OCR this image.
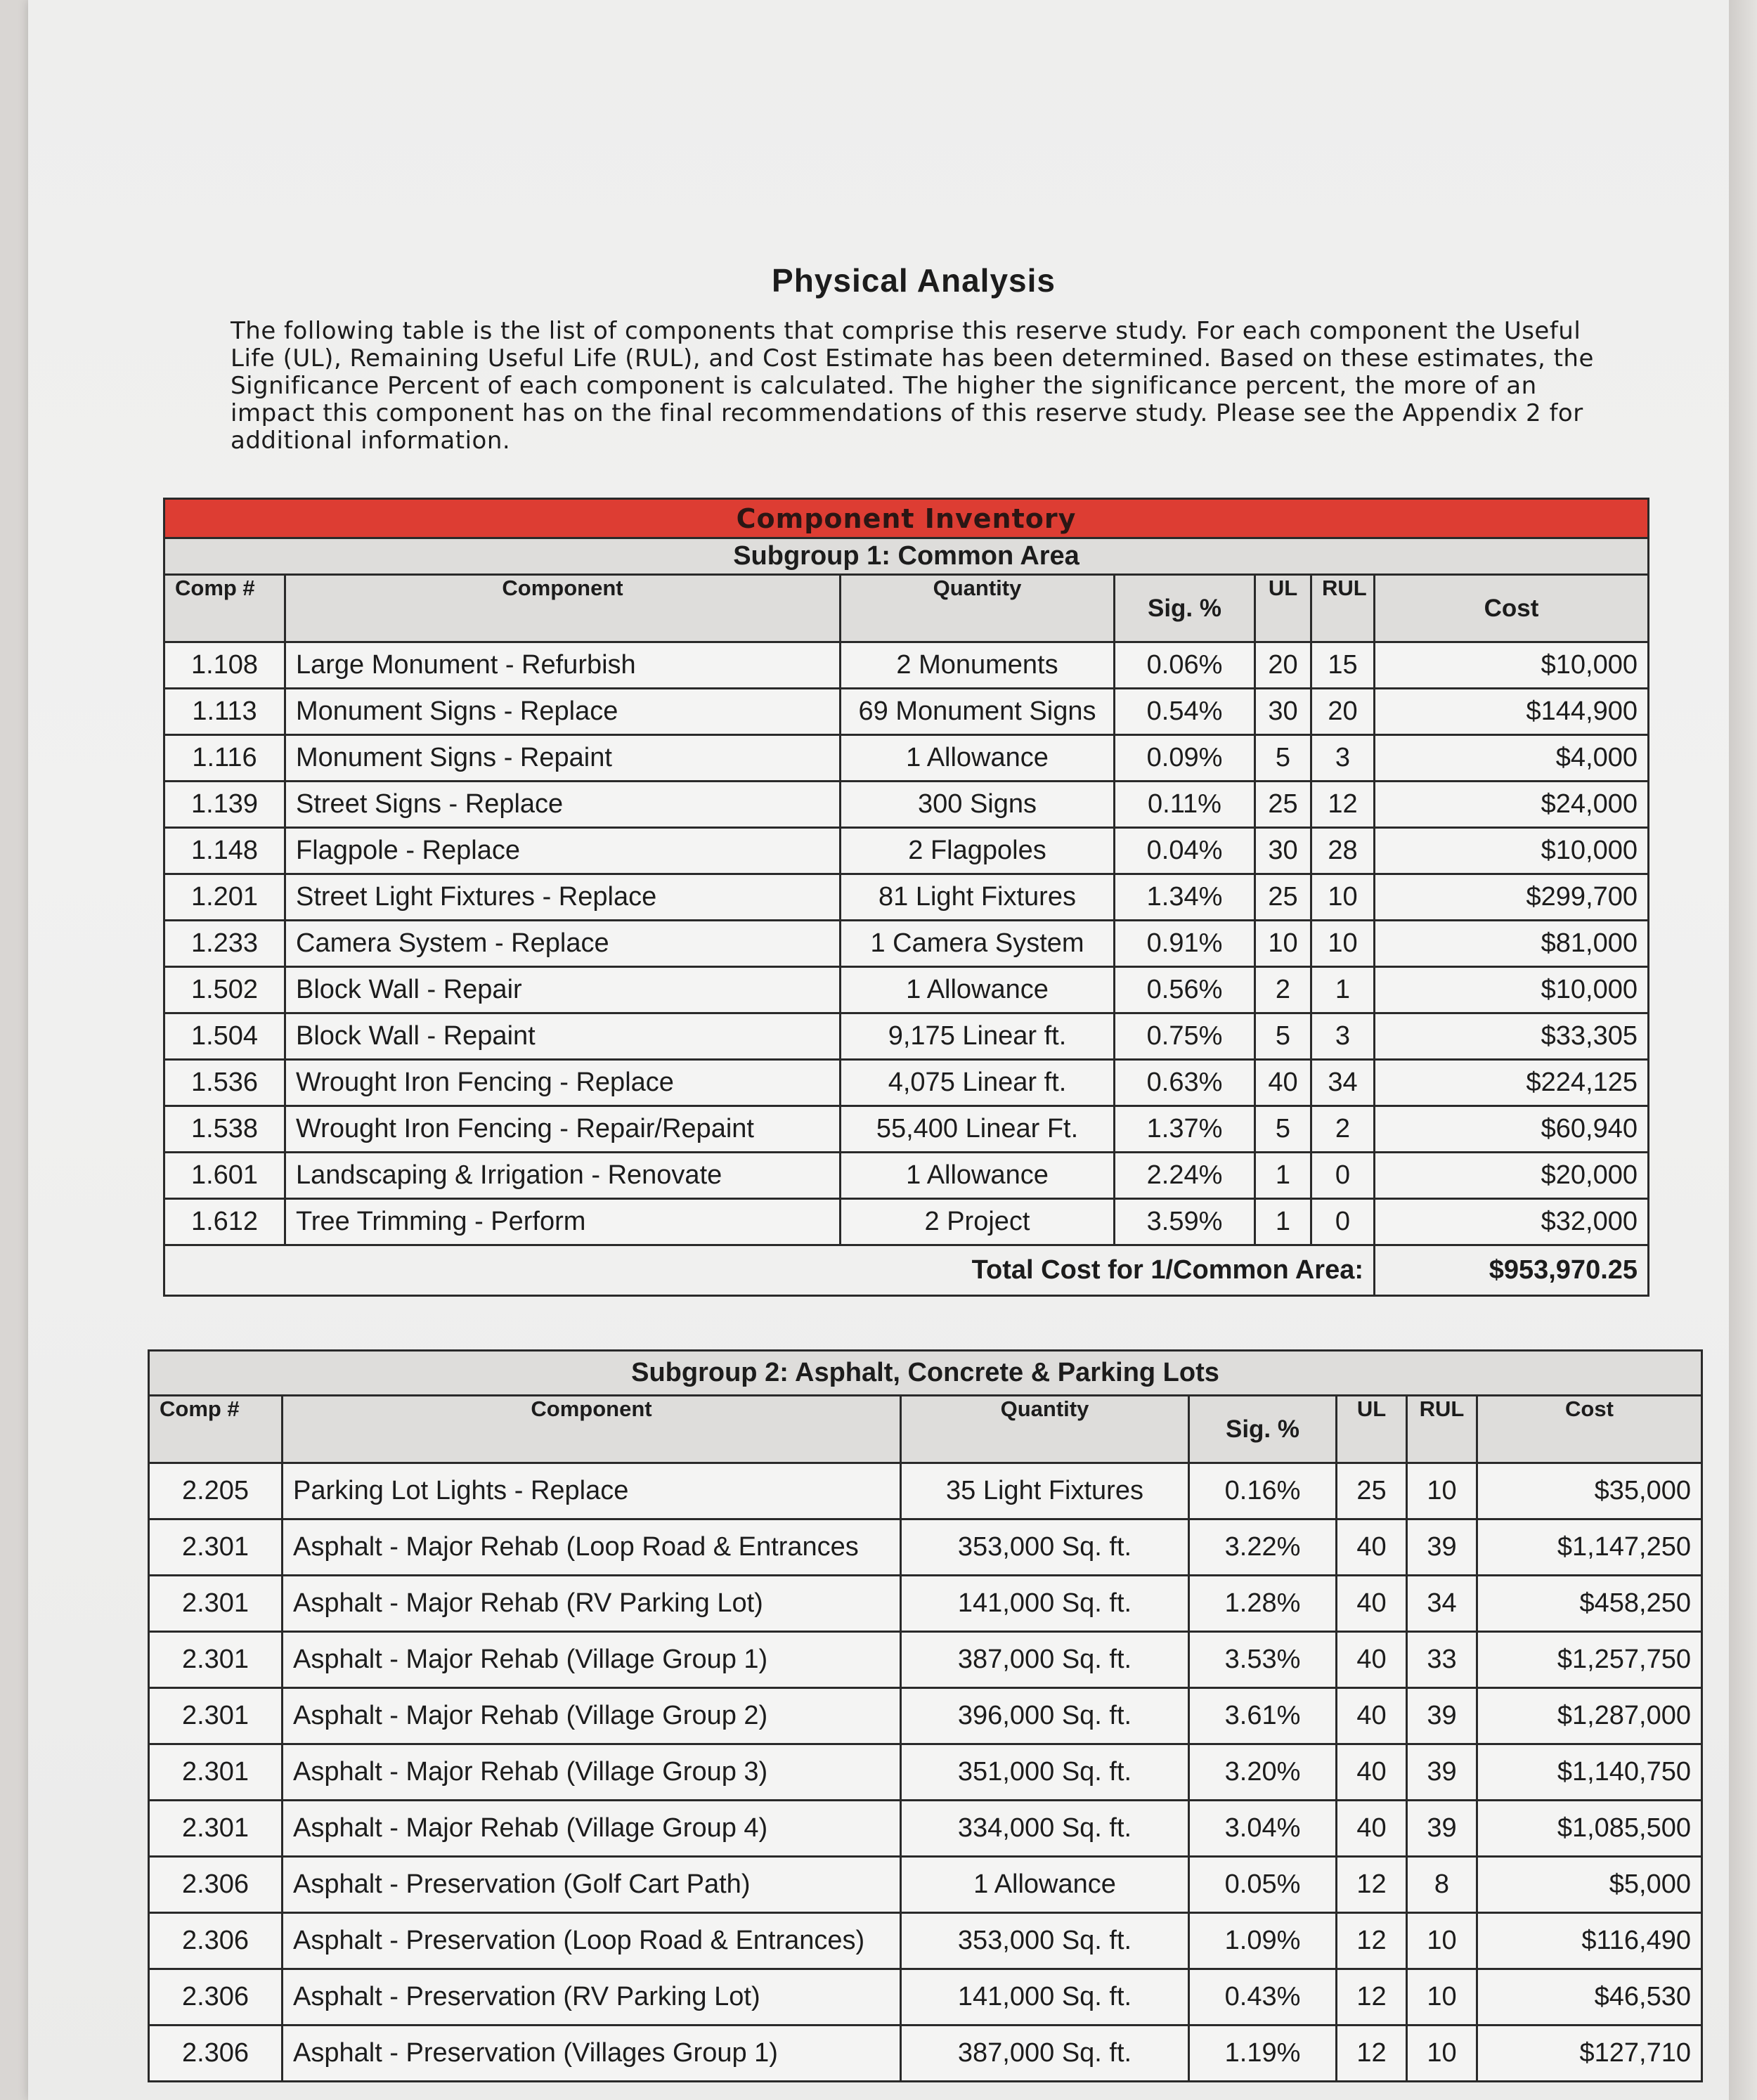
Physical Analysis

The following table is the list of components that comprise this reserve study. For each component the Useful Life (UL), Remaining Useful Life (RUL), and Cost Estimate has been determined. Based on these estimates, the Significance Percent of each component is calculated. The higher the significance percent, the more of an impact this component has on the final recommendations of this reserve study. Please see the Appendix 2 for additional information.

Component Inventory						
Subgroup 1: Common Area						
Comp #	Component	Quantity	Sig. %	UL	RUL	Cost
1.108	Large Monument - Refurbish	2 Monuments	0.06%	20	15	$10,000
1.113	Monument Signs - Replace	69 Monument Signs	0.54%	30	20	$144,900
1.116	Monument Signs - Repaint	1 Allowance	0.09%	5	3	$4,000
1.139	Street Signs - Replace	300 Signs	0.11%	25	12	$24,000
1.148	Flagpole - Replace	2 Flagpoles	0.04%	30	28	$10,000
1.201	Street Light Fixtures - Replace	81 Light Fixtures	1.34%	25	10	$299,700
1.233	Camera System - Replace	1 Camera System	0.91%	10	10	$81,000
1.502	Block Wall - Repair	1 Allowance	0.56%	2	1	$10,000
1.504	Block Wall - Repaint	9,175 Linear ft.	0.75%	5	3	$33,305
1.536	Wrought Iron Fencing - Replace	4,075 Linear ft.	0.63%	40	34	$224,125
1.538	Wrought Iron Fencing - Repair/Repaint	55,400 Linear Ft.	1.37%	5	2	$60,940
1.601	Landscaping & Irrigation - Renovate	1 Allowance	2.24%	1	0	$20,000
1.612	Tree Trimming - Perform	2 Project	3.59%	1	0	$32,000
Total Cost for 1/Common Area:						$953,970.25
Subgroup 2: Asphalt, Concrete & Parking Lots						
Comp #	Component	Quantity	Sig. %	UL	RUL	Cost
2.205	Parking Lot Lights - Replace	35 Light Fixtures	0.16%	25	10	$35,000
2.301	Asphalt - Major Rehab (Loop Road & Entrances	353,000 Sq. ft.	3.22%	40	39	$1,147,250
2.301	Asphalt - Major Rehab (RV Parking Lot)	141,000 Sq. ft.	1.28%	40	34	$458,250
2.301	Asphalt - Major Rehab (Village Group 1)	387,000 Sq. ft.	3.53%	40	33	$1,257,750
2.301	Asphalt - Major Rehab (Village Group 2)	396,000 Sq. ft.	3.61%	40	39	$1,287,000
2.301	Asphalt - Major Rehab (Village Group 3)	351,000 Sq. ft.	3.20%	40	39	$1,140,750
2.301	Asphalt - Major Rehab (Village Group 4)	334,000 Sq. ft.	3.04%	40	39	$1,085,500
2.306	Asphalt - Preservation (Golf Cart Path)	1 Allowance	0.05%	12	8	$5,000
2.306	Asphalt - Preservation (Loop Road & Entrances)	353,000 Sq. ft.	1.09%	12	10	$116,490
2.306	Asphalt - Preservation (RV Parking Lot)	141,000 Sq. ft.	0.43%	12	10	$46,530
2.306	Asphalt - Preservation (Villages Group 1)	387,000 Sq. ft.	1.19%	12	10	$127,710
